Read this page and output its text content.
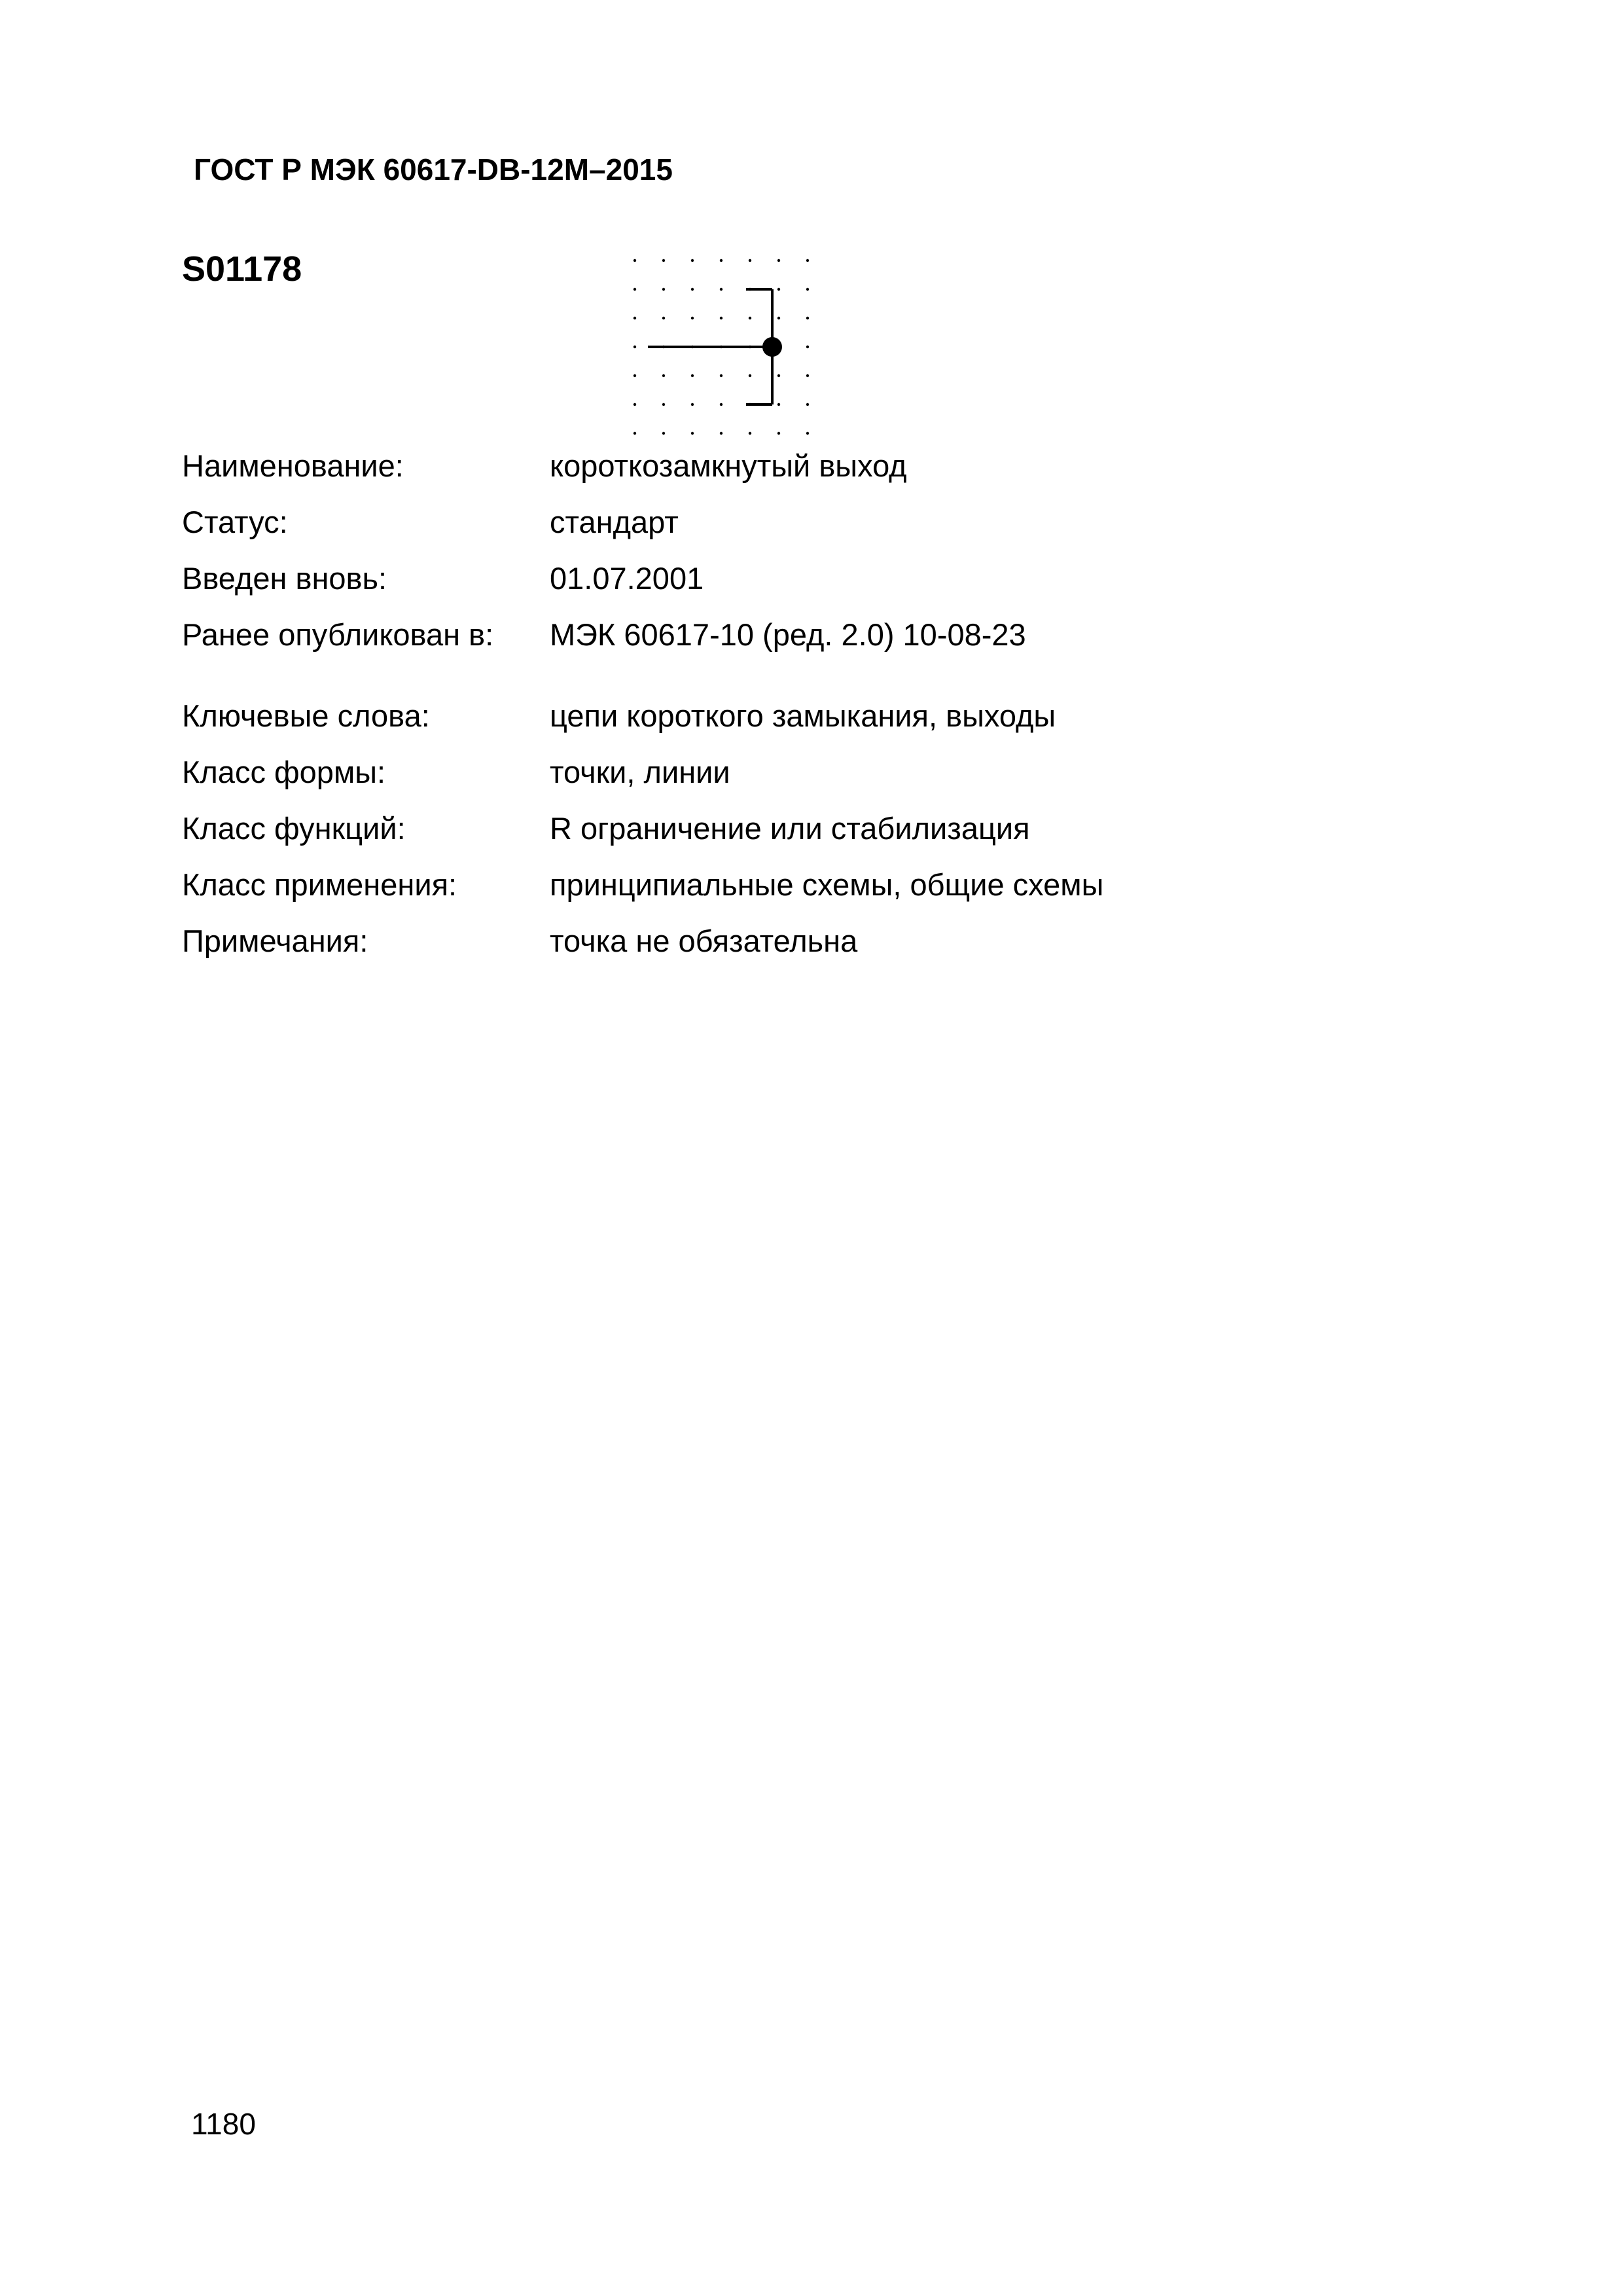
ГОСТ Р МЭК 60617-DB-12М–2015
S01178
Наименование:	короткозамкнутый выход
Статус:	стандарт
Введен вновь:	01.07.2001
Ранее опубликован в:	МЭК 60617-10 (ред. 2.0) 10-08-23
Ключевые слова:	цепи короткого замыкания, выходы
Класс формы:	точки, линии
Класс функций:	R ограничение или стабилизация
Класс применения:	принципиальные схемы, общие схемы
Примечания:	точка не обязательна

1180
